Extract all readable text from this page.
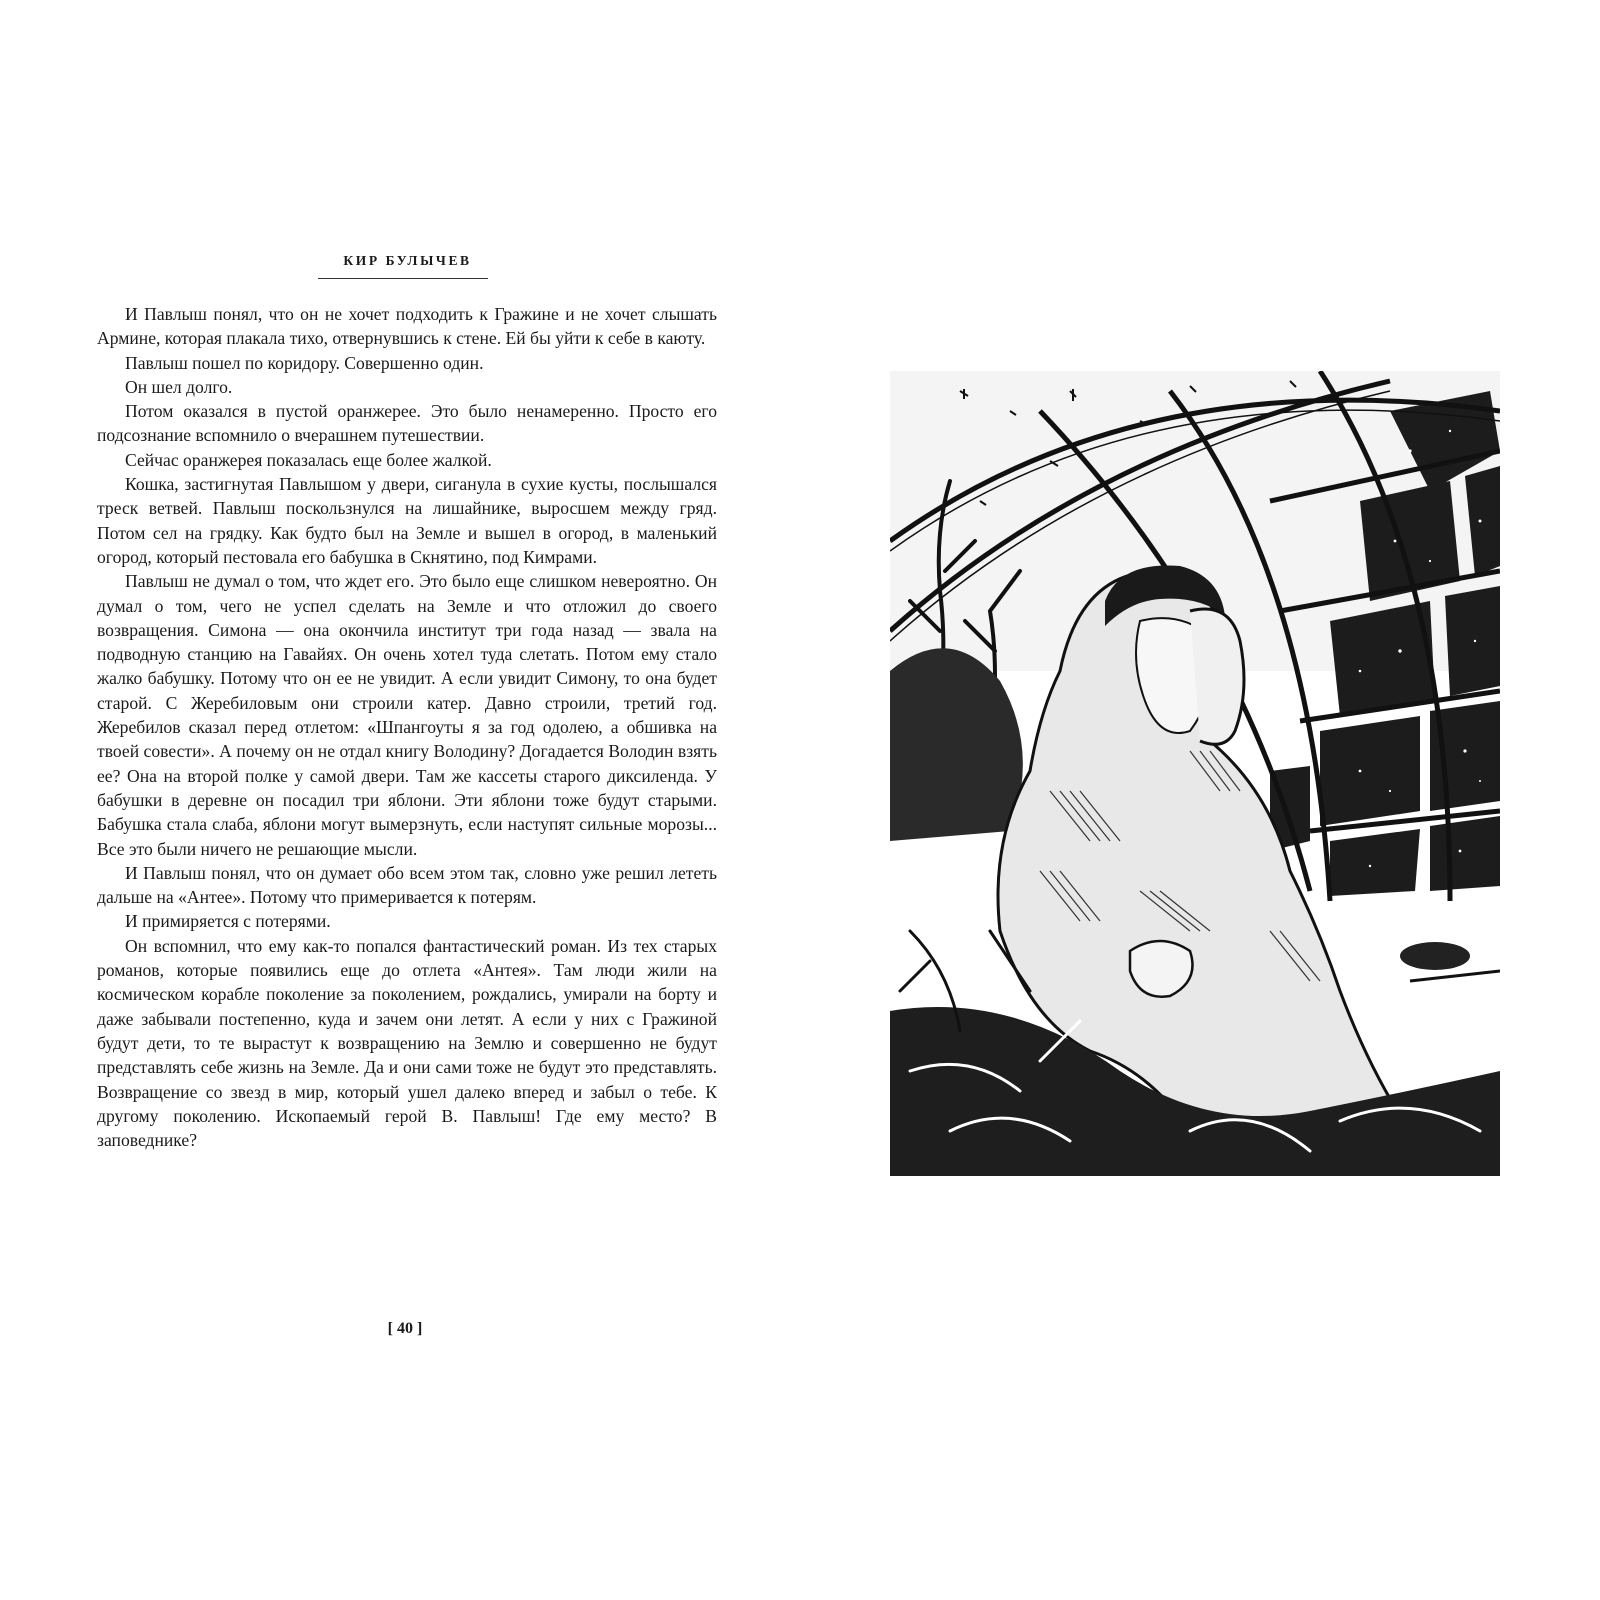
КИР БУЛЫЧЕВ

И Павлыш понял, что он не хочет подходить к Гражине и не хочет слышать Армине, которая плакала тихо, отвернувшись к стене. Ей бы уйти к себе в каюту.

Павлыш пошел по коридору. Совершенно один.

Он шел долго.

Потом оказался в пустой оранжерее. Это было ненамеренно. Просто его подсознание вспомнило о вчерашнем путешествии.

Сейчас оранжерея показалась еще более жалкой.

Кошка, застигнутая Павлышом у двери, сиганула в сухие кусты, послышался треск ветвей. Павлыш поскользнулся на лишайнике, выросшем между гряд. Потом сел на грядку. Как будто был на Земле и вышел в огород, в маленький огород, который пестовала его бабушка в Скнятино, под Кимрами.

Павлыш не думал о том, что ждет его. Это было еще слишком невероятно. Он думал о том, чего не успел сделать на Земле и что отложил до своего возвращения. Симона — она окончила институт три года назад — звала на подводную станцию на Гавайях. Он очень хотел туда слетать. Потом ему стало жалко бабушку. Потому что он ее не увидит. А если увидит Симону, то она будет старой. С Жеребиловым они строили катер. Давно строили, третий год. Жеребилов сказал перед отлетом: «Шпангоуты я за год одолею, а обшивка на твоей совести». А почему он не отдал книгу Володину? Догадается Володин взять ее? Она на второй полке у самой двери. Там же кассеты старого диксиленда. У бабушки в деревне он посадил три яблони. Эти яблони тоже будут старыми. Бабушка стала слаба, яблони могут вымерзнуть, если наступят сильные морозы... Все это были ничего не решающие мысли.

И Павлыш понял, что он думает обо всем этом так, словно уже решил лететь дальше на «Антее». Потому что примеривается к потерям.

И примиряется с потерями.

Он вспомнил, что ему как-то попался фантастический роман. Из тех старых романов, которые появились еще до отлета «Антея». Там люди жили на космическом корабле поколение за поколением, рождались, умирали на борту и даже забывали постепенно, куда и зачем они летят. А если у них с Гражиной будут дети, то те вырастут к возвращению на Землю и совершенно не будут представлять себе жизнь на Земле. Да и они сами тоже не будут это представлять. Возвращение со звезд в мир, который ушел далеко вперед и забыл о тебе. К другому поколению. Ископаемый герой В. Павлыш! Где ему место? В заповеднике?

[ 40 ]
